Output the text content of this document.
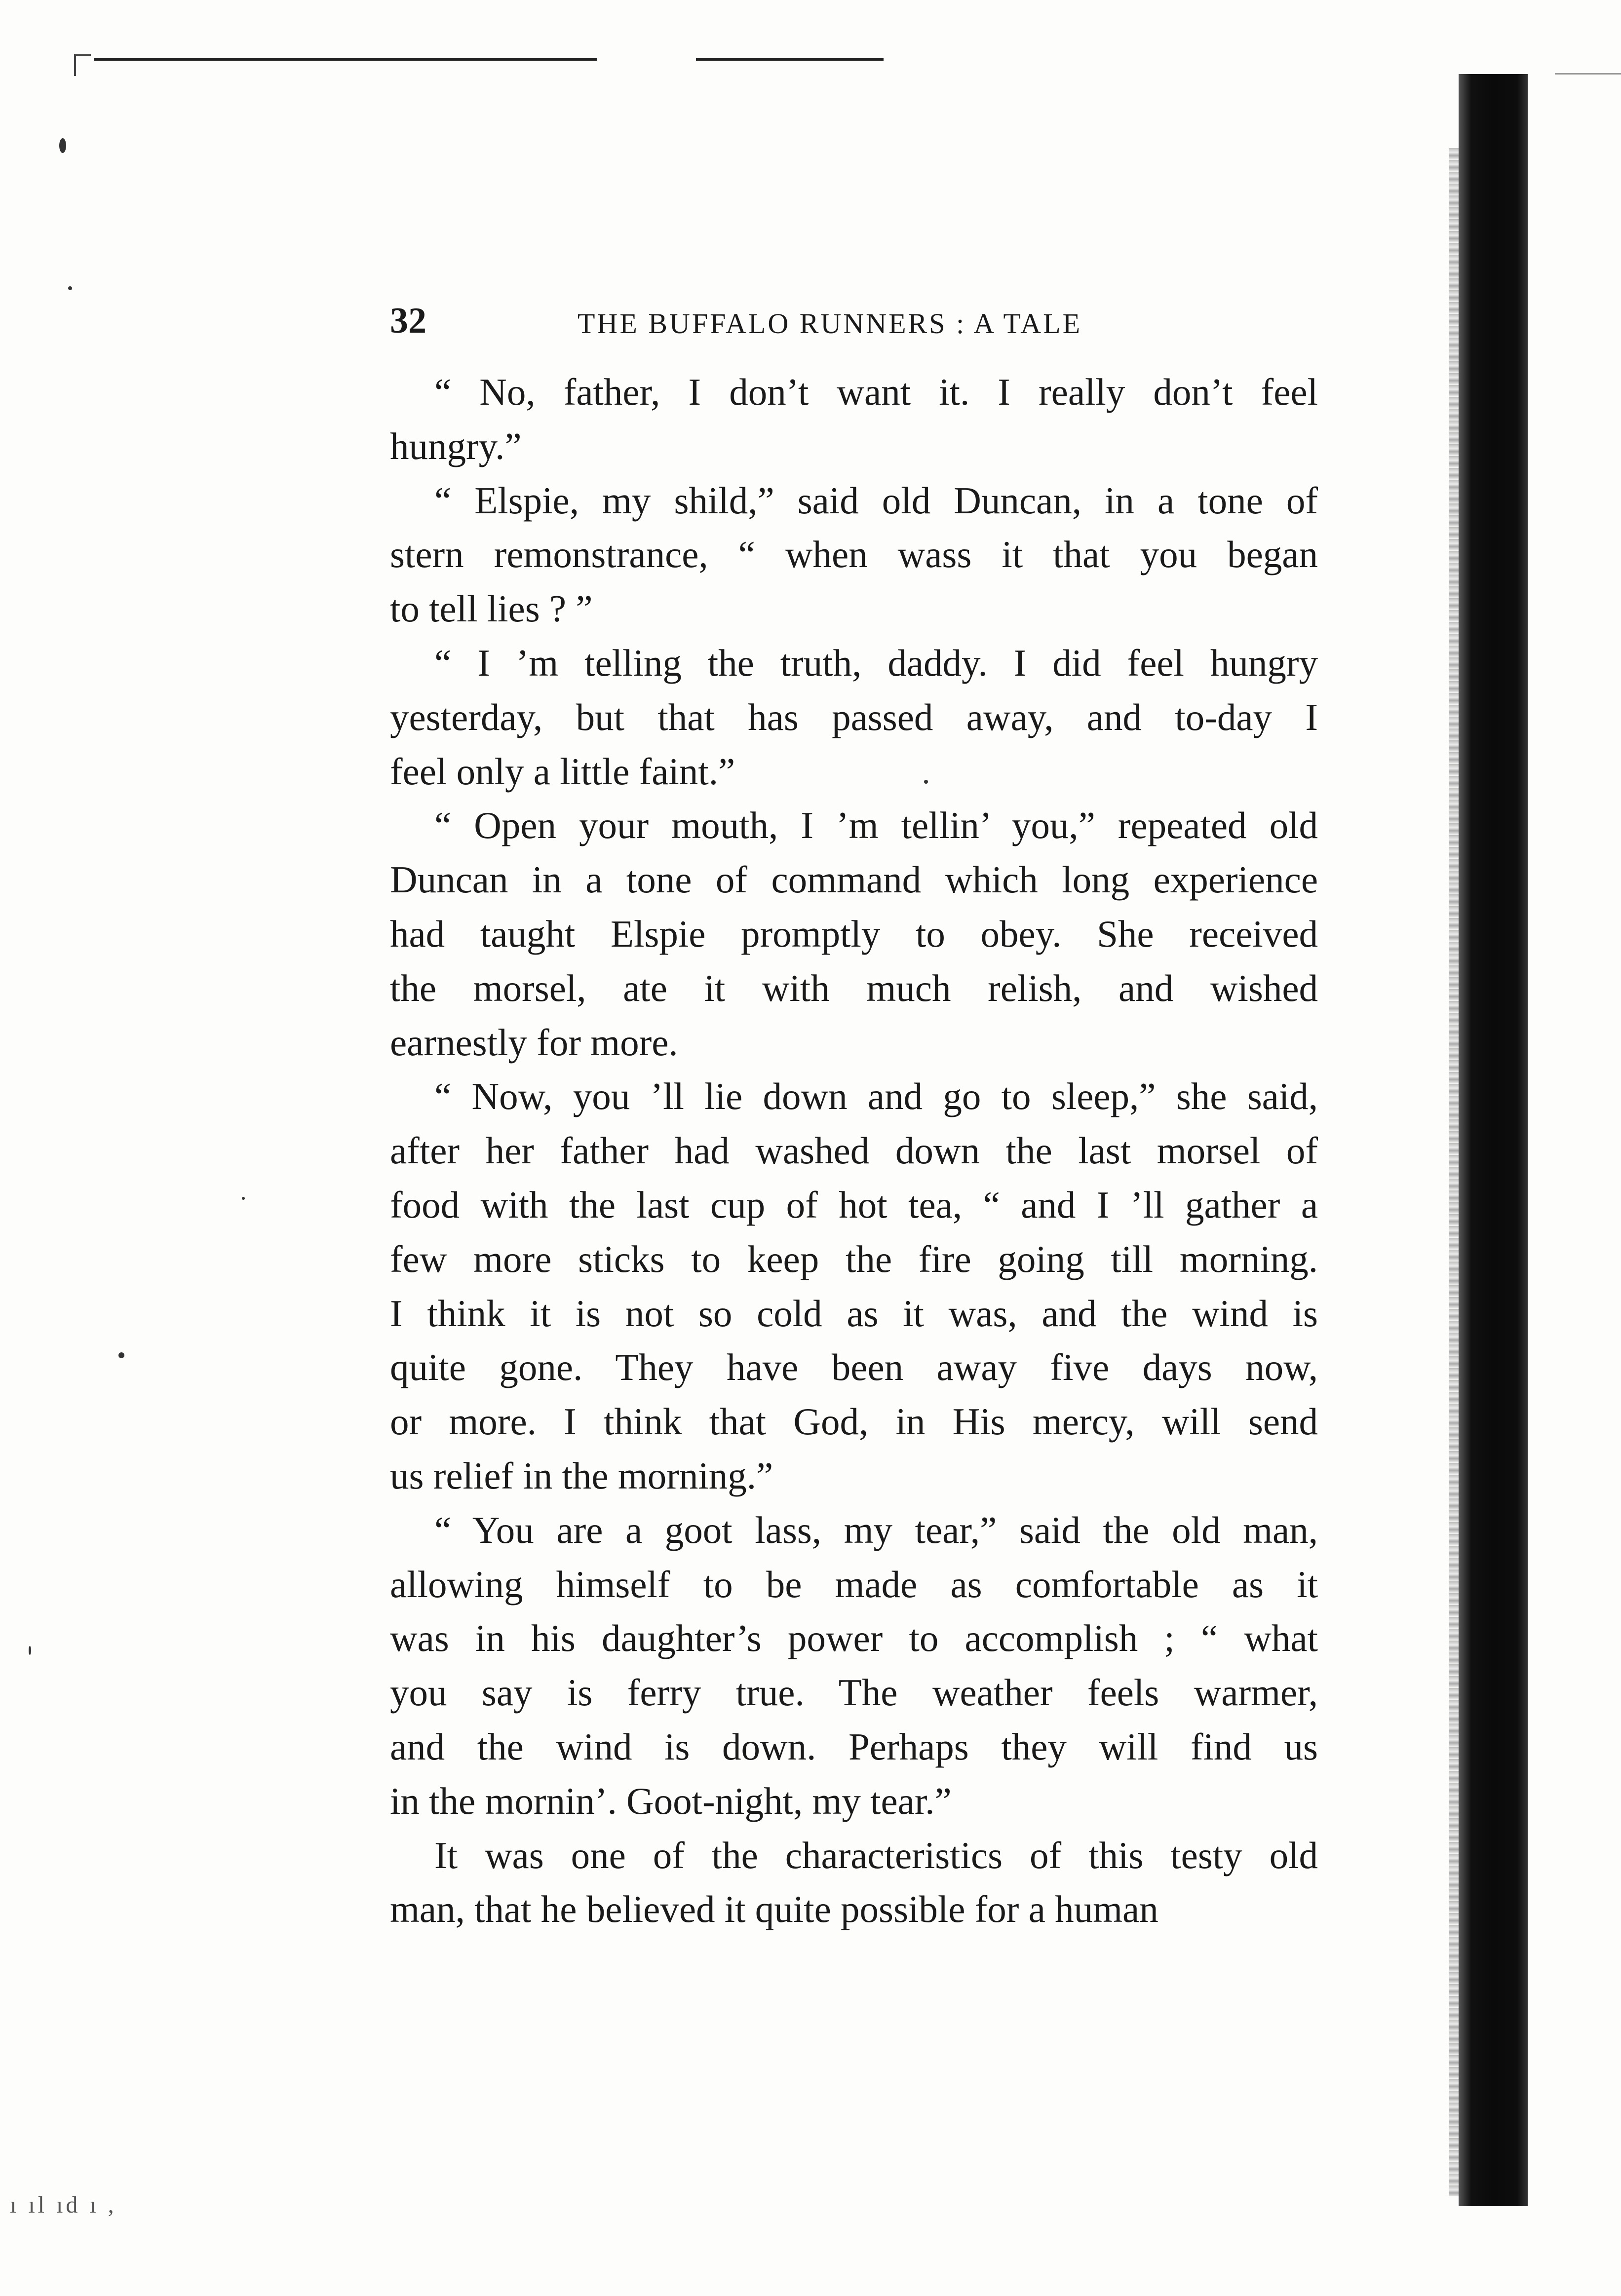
ı ıl ıd ı ,
32	THE BUFFALO RUNNERS : A TALE

“ No, father, I don’t want it. I really don’t feel
hungry.”

“ Elspie, my shild,” said old Duncan, in a tone of
stern remonstrance, “ when wass it that you began
to tell lies ? ”

“ I ’m telling the truth, daddy. I did feel hungry
yesterday, but that has passed away, and to-day I
feel only a little faint.”

“ Open your mouth, I ’m tellin’ you,” repeated old
Duncan in a tone of command which long experience
had taught Elspie promptly to obey. She received
the morsel, ate it with much relish, and wished
earnestly for more.

“ Now, you ’ll lie down and go to sleep,” she said,
after her father had washed down the last morsel of
food with the last cup of hot tea, “ and I ’ll gather a
few more sticks to keep the fire going till morning.
I think it is not so cold as it was, and the wind is
quite gone. They have been away five days now,
or more. I think that God, in His mercy, will send
us relief in the morning.”

“ You are a goot lass, my tear,” said the old man,
allowing himself to be made as comfortable as it
was in his daughter’s power to accomplish ; “ what
you say is ferry true. The weather feels warmer,
and the wind is down. Perhaps they will find us
in the mornin’. Goot-night, my tear.”

It was one of the characteristics of this testy old
man, that he believed it quite possible for a human
